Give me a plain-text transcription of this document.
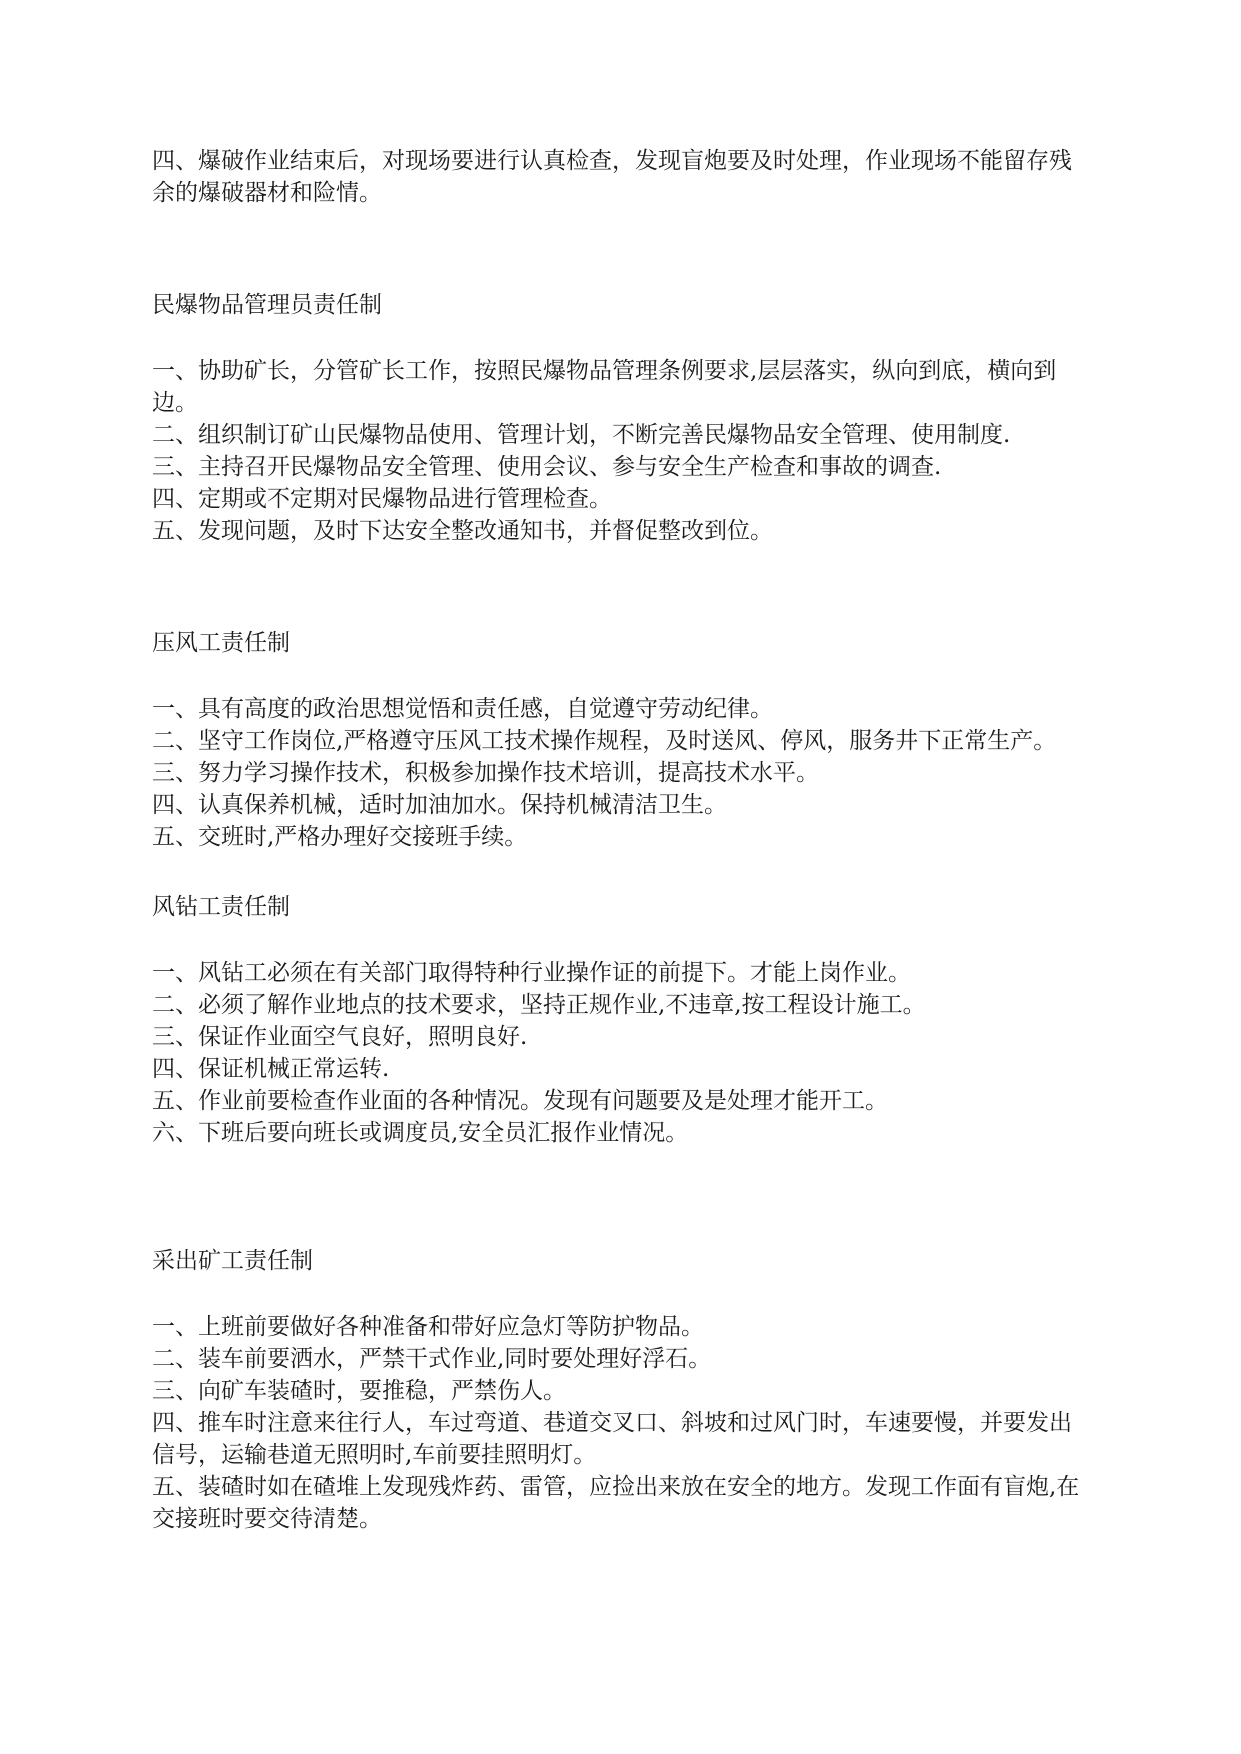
四、爆破作业结束后，对现场要进行认真检查，发现盲炮要及时处理，作业现场不能留存残余的爆破器材和险情。

民爆物品管理员责任制

一、协助矿长，分管矿长工作，按照民爆物品管理条例要求,层层落实，纵向到底，横向到边。

二、组织制订矿山民爆物品使用、管理计划，不断完善民爆物品安全管理、使用制度.

三、主持召开民爆物品安全管理、使用会议、参与安全生产检查和事故的调查.

四、定期或不定期对民爆物品进行管理检查。

五、发现问题，及时下达安全整改通知书，并督促整改到位。

压风工责任制

一、具有高度的政治思想觉悟和责任感，自觉遵守劳动纪律。

二、坚守工作岗位,严格遵守压风工技术操作规程，及时送风、停风，服务井下正常生产。

三、努力学习操作技术，积极参加操作技术培训，提高技术水平。

四、认真保养机械，适时加油加水。保持机械清洁卫生。

五、交班时,严格办理好交接班手续。

风钻工责任制

一、风钻工必须在有关部门取得特种行业操作证的前提下。才能上岗作业。

二、必须了解作业地点的技术要求，坚持正规作业,不违章,按工程设计施工。

三、保证作业面空气良好，照明良好.

四、保证机械正常运转.

五、作业前要检查作业面的各种情况。发现有问题要及是处理才能开工。

六、下班后要向班长或调度员,安全员汇报作业情况。

采出矿工责任制

一、上班前要做好各种准备和带好应急灯等防护物品。

二、装车前要洒水，严禁干式作业,同时要处理好浮石。

三、向矿车装碴时，要推稳，严禁伤人。

四、推车时注意来往行人，车过弯道、巷道交叉口、斜坡和过风门时，车速要慢，并要发出信号，运输巷道无照明时,车前要挂照明灯。

五、装碴时如在碴堆上发现残炸药、雷管，应捡出来放在安全的地方。发现工作面有盲炮,在交接班时要交待清楚。
